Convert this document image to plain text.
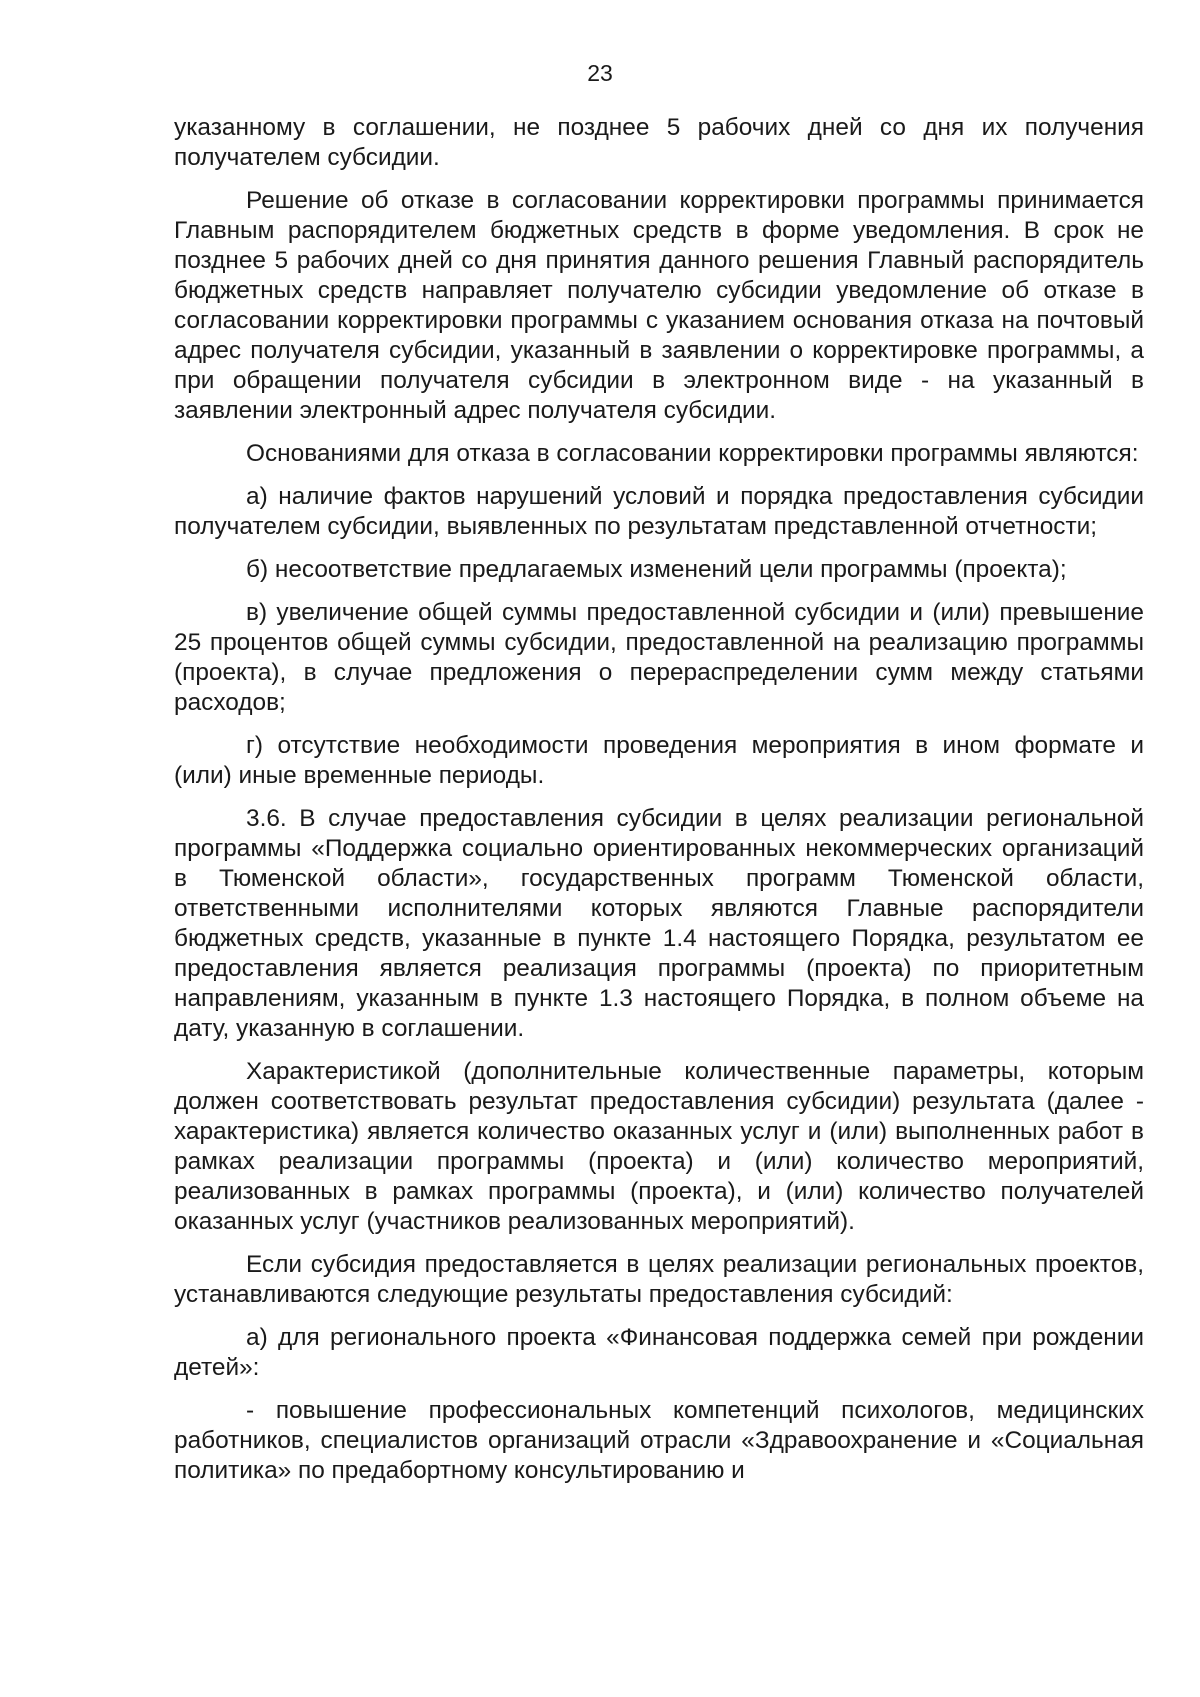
23

указанному в соглашении, не позднее 5 рабочих дней со дня их получения получателем субсидии.

Решение об отказе в согласовании корректировки программы принимается Главным распорядителем бюджетных средств в форме уведомления. В срок не позднее 5 рабочих дней со дня принятия данного решения Главный распорядитель бюджетных средств направляет получателю субсидии уведомление об отказе в согласовании корректировки программы с указанием основания отказа на почтовый адрес получателя субсидии, указанный в заявлении о корректировке программы, а при обращении получателя субсидии в электронном виде - на указанный в заявлении электронный адрес получателя субсидии.

Основаниями для отказа в согласовании корректировки программы являются:

а) наличие фактов нарушений условий и порядка предоставления субсидии получателем субсидии, выявленных по результатам представленной отчетности;

б) несоответствие предлагаемых изменений цели программы (проекта);

в) увеличение общей суммы предоставленной субсидии и (или) превышение 25 процентов общей суммы субсидии, предоставленной на реализацию программы (проекта), в случае предложения о перераспределении сумм между статьями расходов;

г) отсутствие необходимости проведения мероприятия в ином формате и (или) иные временные периоды.

3.6. В случае предоставления субсидии в целях реализации региональной программы «Поддержка социально ориентированных некоммерческих организаций в Тюменской области», государственных программ Тюменской области, ответственными исполнителями которых являются Главные распорядители бюджетных средств, указанные в пункте 1.4 настоящего Порядка, результатом ее предоставления является реализация программы (проекта) по приоритетным направлениям, указанным в пункте 1.3 настоящего Порядка, в полном объеме на дату, указанную в соглашении.

Характеристикой (дополнительные количественные параметры, которым должен соответствовать результат предоставления субсидии) результата (далее - характеристика) является количество оказанных услуг и (или) выполненных работ в рамках реализации программы (проекта) и (или) количество мероприятий, реализованных в рамках программы (проекта), и (или) количество получателей оказанных услуг (участников реализованных мероприятий).

Если субсидия предоставляется в целях реализации региональных проектов, устанавливаются следующие результаты предоставления субсидий:

а) для регионального проекта «Финансовая поддержка семей при рождении детей»:

- повышение профессиональных компетенций психологов, медицинских работников, специалистов организаций отрасли «Здравоохранение и «Социальная политика» по предабортному консультированию и
